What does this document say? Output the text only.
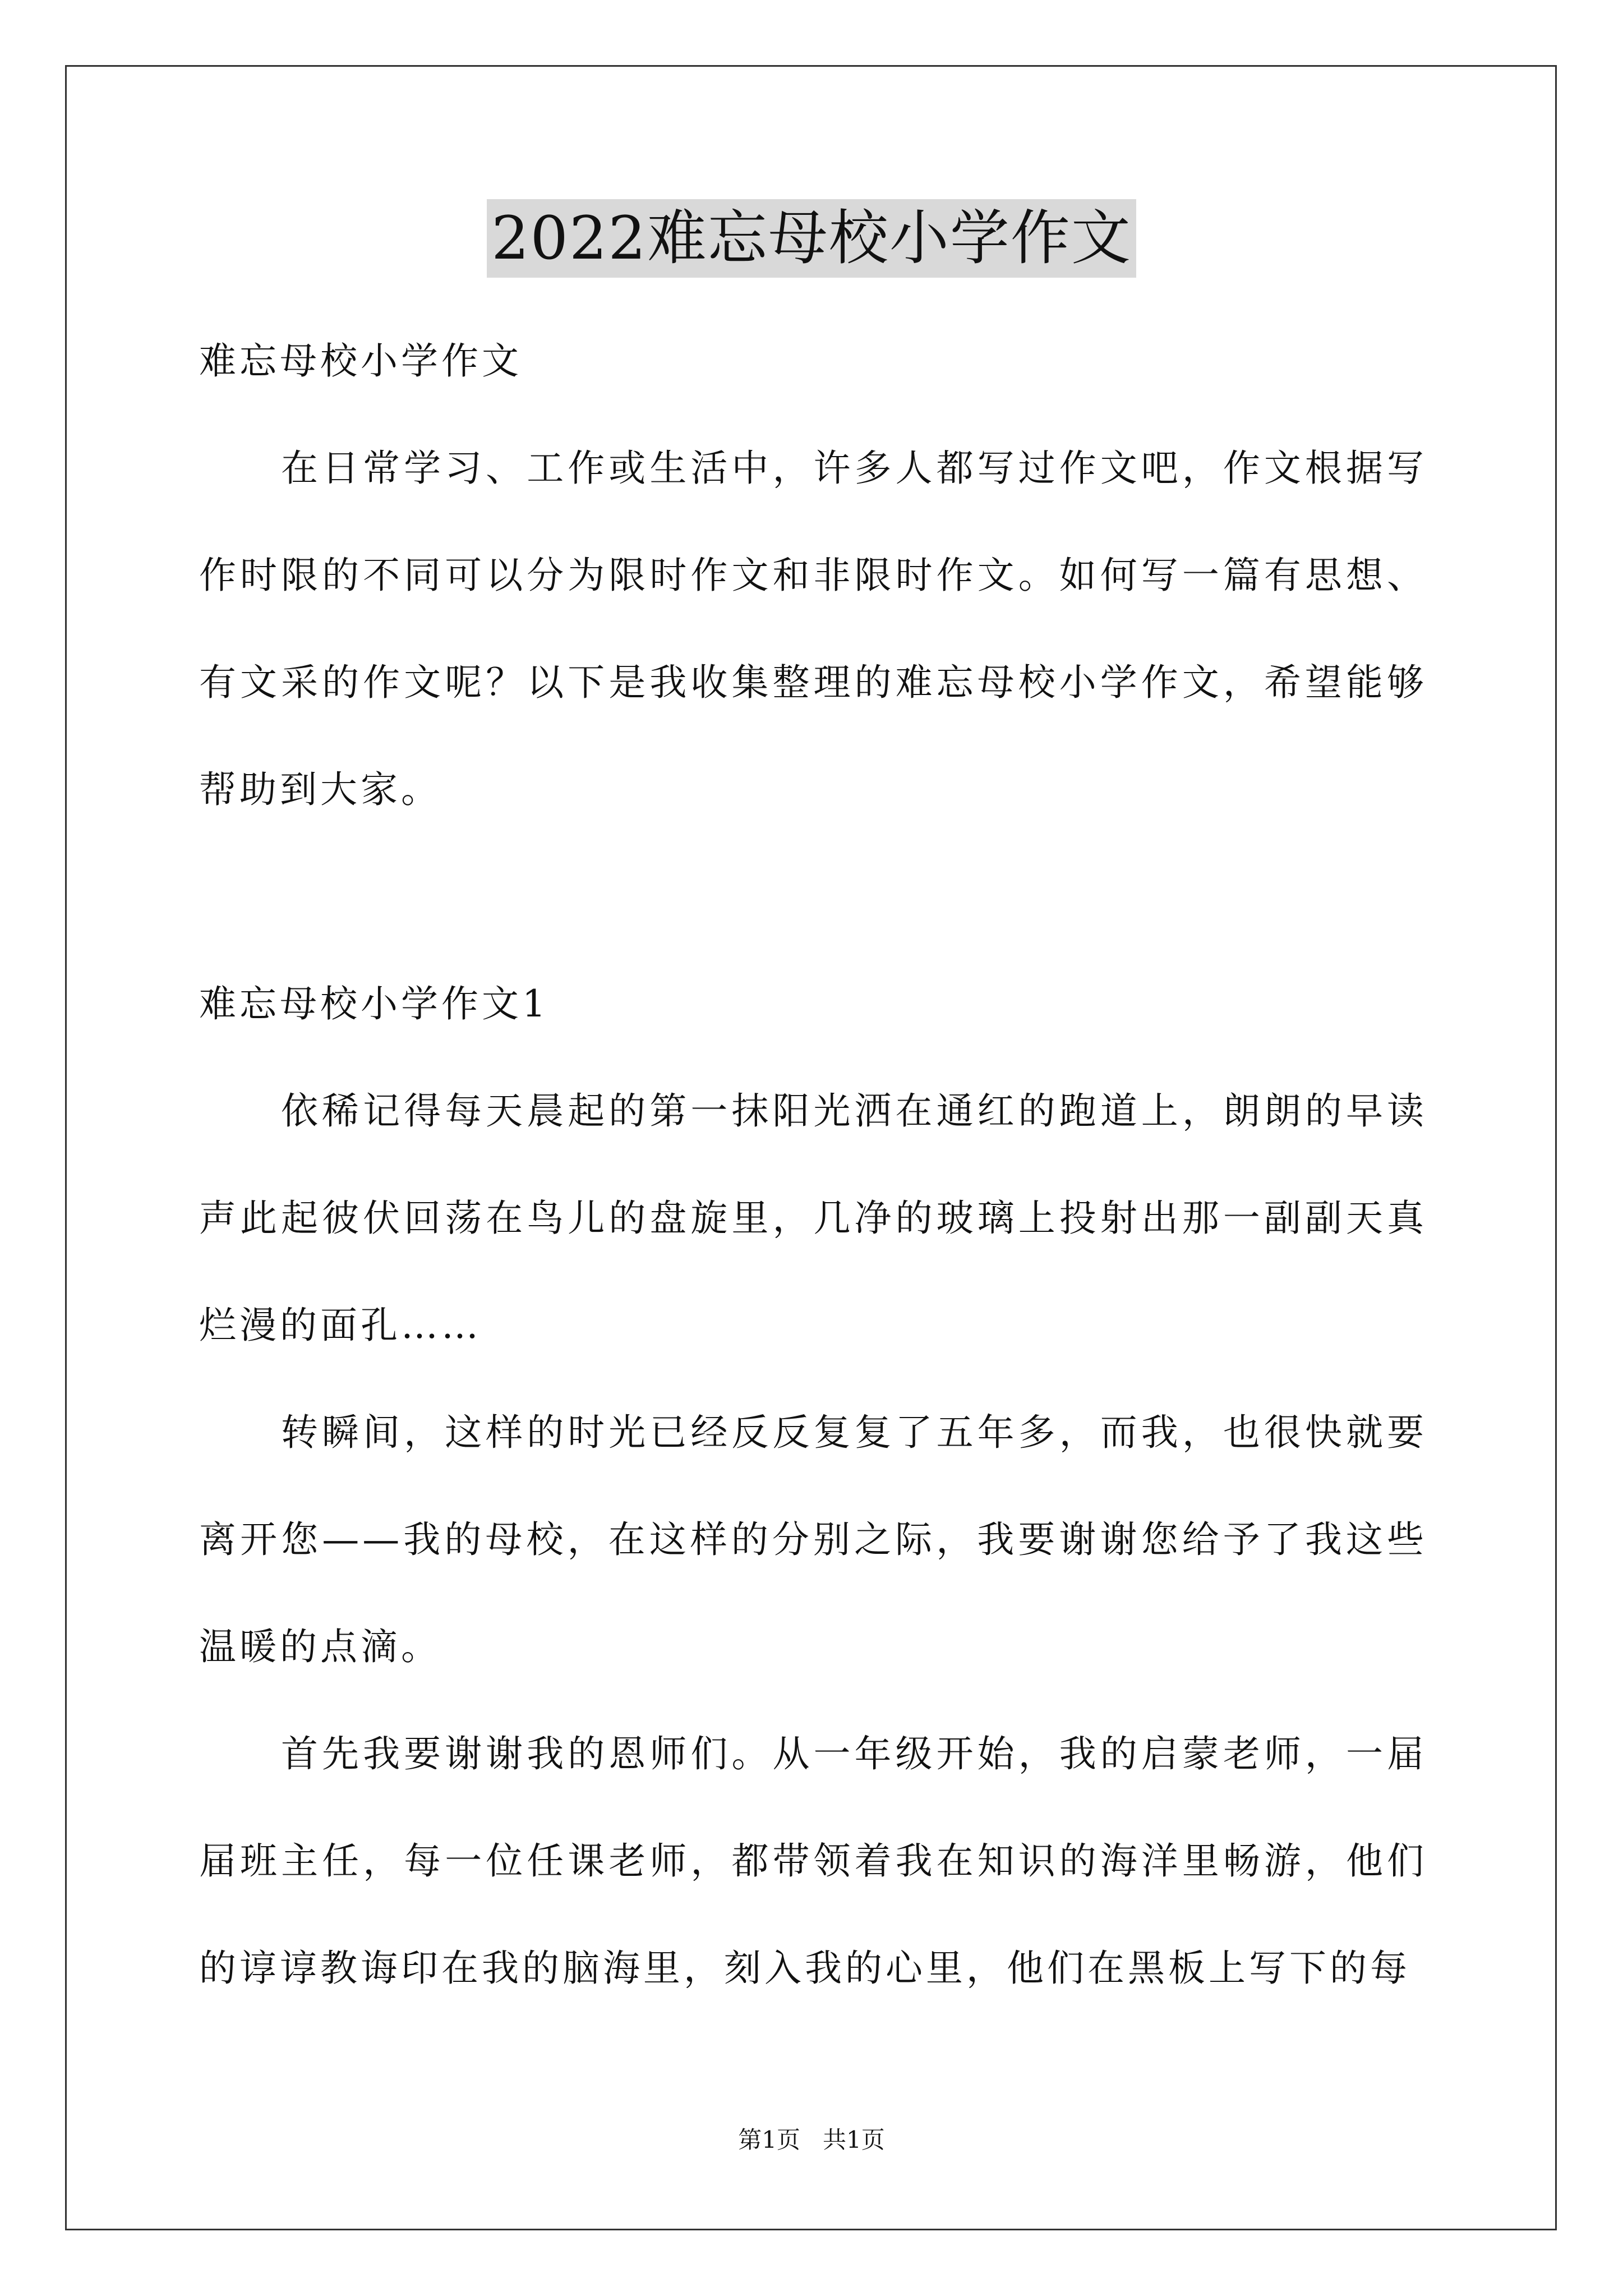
2022难忘母校小学作文

难忘母校小学作文

在日常学习、工作或生活中，许多人都写过作文吧，作文根据写作时限的不同可以分为限时作文和非限时作文。如何写一篇有思想、有文采的作文呢？以下是我收集整理的难忘母校小学作文，希望能够帮助到大家。

难忘母校小学作文1

依稀记得每天晨起的第一抹阳光洒在通红的跑道上，朗朗的早读声此起彼伏回荡在鸟儿的盘旋里，几净的玻璃上投射出那一副副天真烂漫的面孔……

转瞬间，这样的时光已经反反复复了五年多，而我，也很快就要离开您——我的母校，在这样的分别之际，我要谢谢您给予了我这些温暖的点滴。

首先我要谢谢我的恩师们。从一年级开始，我的启蒙老师，一届届班主任，每一位任课老师，都带领着我在知识的海洋里畅游，他们的谆谆教诲印在我的脑海里，刻入我的心里，他们在黑板上写下的每

第1页 共1页
